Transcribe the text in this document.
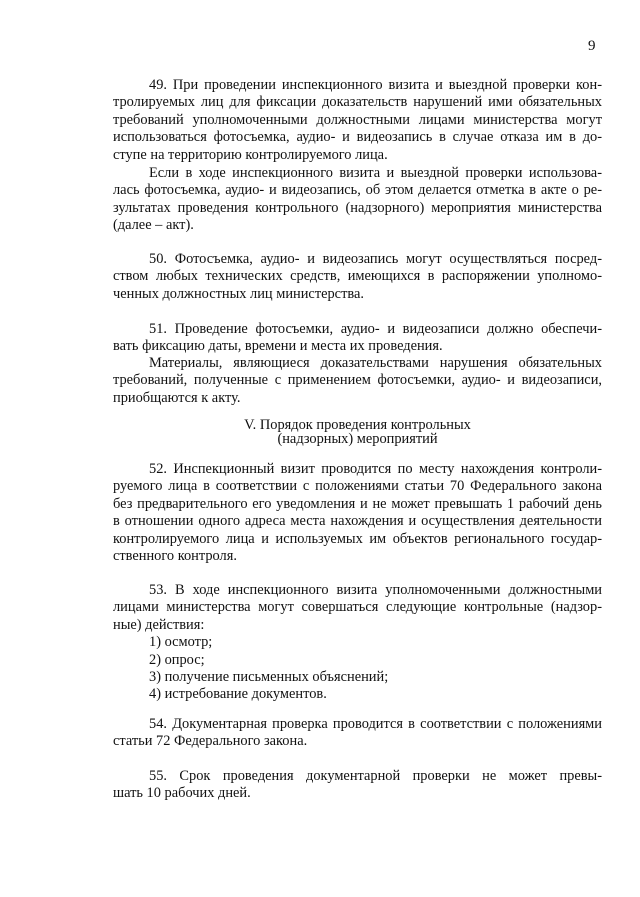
9
49. При проведении инспекционного визита и выездной проверки кон-
тролируемых лиц для фиксации доказательств нарушений ими обязательных
требований уполномоченными должностными лицами министерства могут
использоваться фотосъемка, аудио- и видеозапись в случае отказа им в до-
ступе на территорию контролируемого лица.
Если в ходе инспекционного визита и выездной проверки использова-
лась фотосъемка, аудио- и видеозапись, об этом делается отметка в акте о ре-
зультатах проведения контрольного (надзорного) мероприятия министерства
(далее – акт).
50. Фотосъемка, аудио- и видеозапись могут осуществляться посред-
ством любых технических средств, имеющихся в распоряжении уполномо-
ченных должностных лиц министерства.
51. Проведение фотосъемки, аудио- и видеозаписи должно обеспечи-
вать фиксацию даты, времени и места их проведения.
Материалы, являющиеся доказательствами нарушения обязательных
требований, полученные с применением фотосъемки, аудио- и видеозаписи,
приобщаются к акту.
V. Порядок проведения контрольных
(надзорных) мероприятий
52. Инспекционный визит проводится по месту нахождения контроли-
руемого лица в соответствии с положениями статьи 70 Федерального закона
без предварительного его уведомления и не может превышать 1 рабочий день
в отношении одного адреса места нахождения и осуществления деятельности
контролируемого лица и используемых им объектов регионального государ-
ственного контроля.
53. В ходе инспекционного визита уполномоченными должностными
лицами министерства могут совершаться следующие контрольные (надзор-
ные) действия:
1) осмотр;
2) опрос;
3) получение письменных объяснений;
4) истребование документов.
54. Документарная проверка проводится в соответствии с положениями
статьи 72 Федерального закона.
55. Срок проведения документарной проверки не может превы-
шать 10 рабочих дней.
